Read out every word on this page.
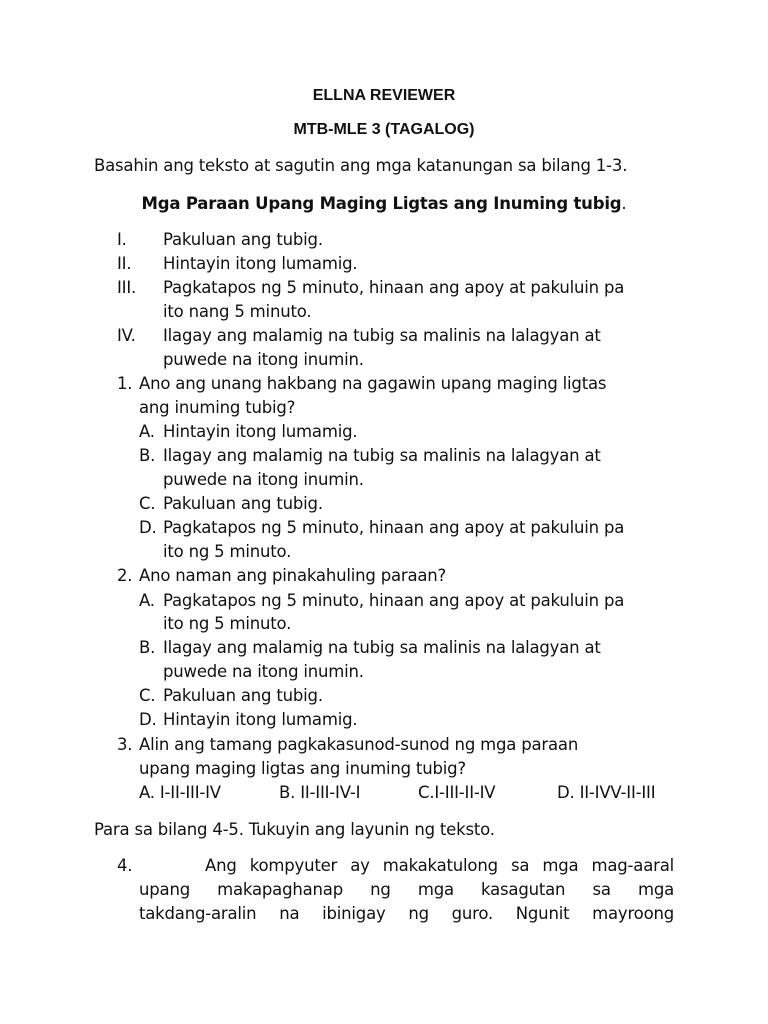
ELLNA REVIEWER
MTB-MLE 3 (TAGALOG)
Basahin ang teksto at sagutin ang mga katanungan sa bilang 1-3.
Mga Paraan Upang Maging Ligtas ang Inuming tubig.
I. Pakuluan ang tubig.
II. Hintayin itong lumamig.
III. Pagkatapos ng 5 minuto, hinaan ang apoy at pakuluin pa
ito nang 5 minuto.
IV. Ilagay ang malamig na tubig sa malinis na lalagyan at
puwede na itong inumin.
1. Ano ang unang hakbang na gagawin upang maging ligtas
ang inuming tubig?
A. Hintayin itong lumamig.
B. Ilagay ang malamig na tubig sa malinis na lalagyan at
puwede na itong inumin.
C. Pakuluan ang tubig.
D. Pagkatapos ng 5 minuto, hinaan ang apoy at pakuluin pa
ito ng 5 minuto.
2. Ano naman ang pinakahuling paraan?
A. Pagkatapos ng 5 minuto, hinaan ang apoy at pakuluin pa
ito ng 5 minuto.
B. Ilagay ang malamig na tubig sa malinis na lalagyan at
puwede na itong inumin.
C. Pakuluan ang tubig.
D. Hintayin itong lumamig.
3. Alin ang tamang pagkakasunod-sunod ng mga paraan
upang maging ligtas ang inuming tubig?
A. I-II-III-IV	B. II-III-IV-I	C.I-III-II-IV	D. II-IVV-II-III
Para sa bilang 4-5. Tukuyin ang layunin ng teksto.
4.	Ang kompyuter ay makakatulong sa mga mag-aaral
upang makapaghanap ng mga kasagutan sa mga
takdang-aralin na ibinigay ng guro. Ngunit mayroong
